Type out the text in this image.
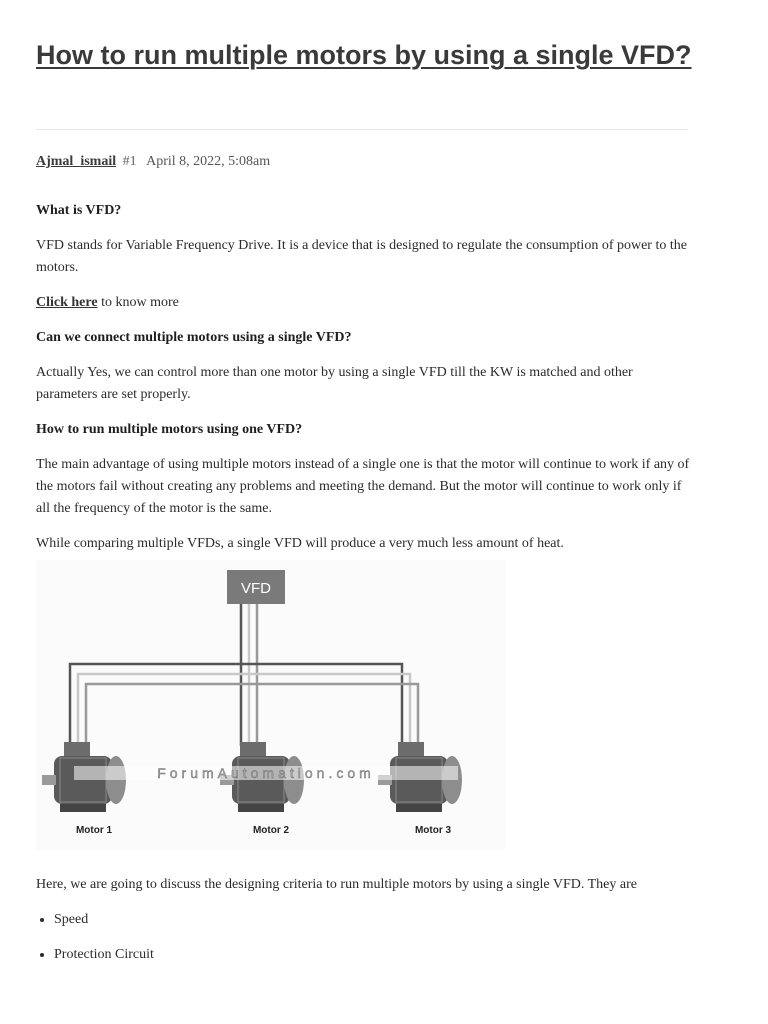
How to run multiple motors by using a single VFD?
Ajmal_ismail #1 April 8, 2022, 5:08am

What is VFD?

VFD stands for Variable Frequency Drive. It is a device that is designed to regulate the consumption of power to the motors.

Click here to know more

Can we connect multiple motors using a single VFD?

Actually Yes, we can control more than one motor by using a single VFD till the KW is matched and other parameters are set properly.

How to run multiple motors using one VFD?

The main advantage of using multiple motors instead of a single one is that the motor will continue to work if any of the motors fail without creating any problems and meeting the demand. But the motor will continue to work only if all the frequency of the motor is the same.

While comparing multiple VFDs, a single VFD will produce a very much less amount of heat.

VFD
ForumAutomation.com
Motor 1	Motor 2	Motor 3

Here, we are going to discuss the designing criteria to run multiple motors by using a single VFD. They are

• Speed
• Protection Circuit
